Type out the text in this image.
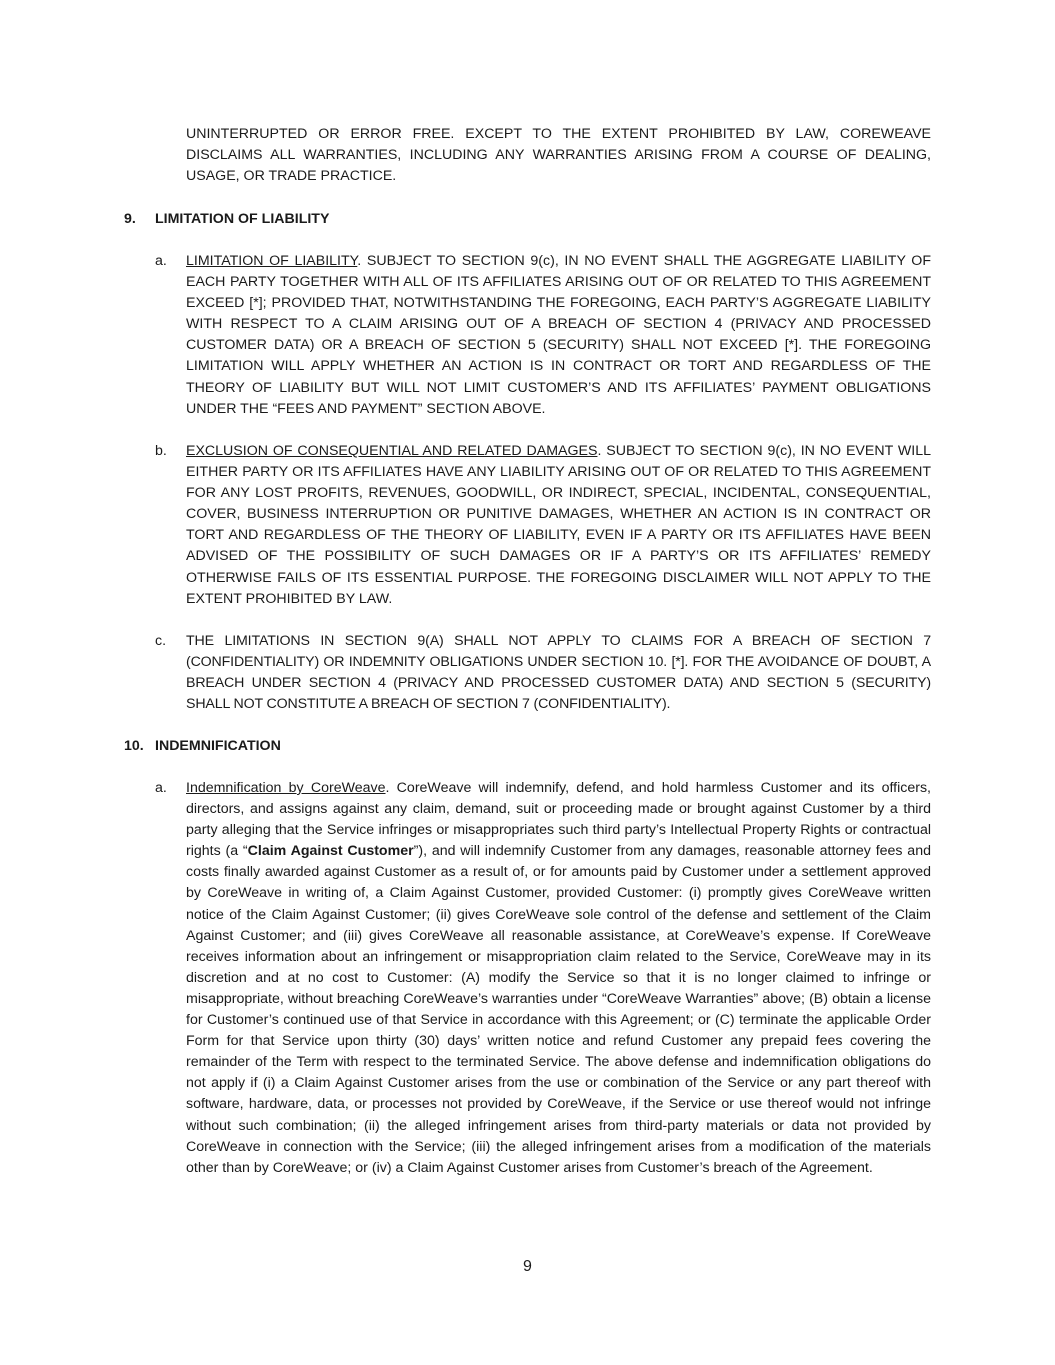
UNINTERRUPTED OR ERROR FREE. EXCEPT TO THE EXTENT PROHIBITED BY LAW, COREWEAVE DISCLAIMS ALL WARRANTIES, INCLUDING ANY WARRANTIES ARISING FROM A COURSE OF DEALING, USAGE, OR TRADE PRACTICE.

9. LIMITATION OF LIABILITY
a. LIMITATION OF LIABILITY. SUBJECT TO SECTION 9(c), IN NO EVENT SHALL THE AGGREGATE LIABILITY OF EACH PARTY TOGETHER WITH ALL OF ITS AFFILIATES ARISING OUT OF OR RELATED TO THIS AGREEMENT EXCEED [*]; PROVIDED THAT, NOTWITHSTANDING THE FOREGOING, EACH PARTY’S AGGREGATE LIABILITY WITH RESPECT TO A CLAIM ARISING OUT OF A BREACH OF SECTION 4 (PRIVACY AND PROCESSED CUSTOMER DATA) OR A BREACH OF SECTION 5 (SECURITY) SHALL NOT EXCEED [*]. THE FOREGOING LIMITATION WILL APPLY WHETHER AN ACTION IS IN CONTRACT OR TORT AND REGARDLESS OF THE THEORY OF LIABILITY BUT WILL NOT LIMIT CUSTOMER’S AND ITS AFFILIATES’ PAYMENT OBLIGATIONS UNDER THE “FEES AND PAYMENT” SECTION ABOVE.

b. EXCLUSION OF CONSEQUENTIAL AND RELATED DAMAGES. SUBJECT TO SECTION 9(c), IN NO EVENT WILL EITHER PARTY OR ITS AFFILIATES HAVE ANY LIABILITY ARISING OUT OF OR RELATED TO THIS AGREEMENT FOR ANY LOST PROFITS, REVENUES, GOODWILL, OR INDIRECT, SPECIAL, INCIDENTAL, CONSEQUENTIAL, COVER, BUSINESS INTERRUPTION OR PUNITIVE DAMAGES, WHETHER AN ACTION IS IN CONTRACT OR TORT AND REGARDLESS OF THE THEORY OF LIABILITY, EVEN IF A PARTY OR ITS AFFILIATES HAVE BEEN ADVISED OF THE POSSIBILITY OF SUCH DAMAGES OR IF A PARTY’S OR ITS AFFILIATES’ REMEDY OTHERWISE FAILS OF ITS ESSENTIAL PURPOSE. THE FOREGOING DISCLAIMER WILL NOT APPLY TO THE EXTENT PROHIBITED BY LAW.

c. THE LIMITATIONS IN SECTION 9(A) SHALL NOT APPLY TO CLAIMS FOR A BREACH OF SECTION 7 (CONFIDENTIALITY) OR INDEMNITY OBLIGATIONS UNDER SECTION 10. [*]. FOR THE AVOIDANCE OF DOUBT, A BREACH UNDER SECTION 4 (PRIVACY AND PROCESSED CUSTOMER DATA) AND SECTION 5 (SECURITY) SHALL NOT CONSTITUTE A BREACH OF SECTION 7 (CONFIDENTIALITY).

10. INDEMNIFICATION
a. Indemnification by CoreWeave. CoreWeave will indemnify, defend, and hold harmless Customer and its officers, directors, and assigns against any claim, demand, suit or proceeding made or brought against Customer by a third party alleging that the Service infringes or misappropriates such third party’s Intellectual Property Rights or contractual rights (a “Claim Against Customer”), and will indemnify Customer from any damages, reasonable attorney fees and costs finally awarded against Customer as a result of, or for amounts paid by Customer under a settlement approved by CoreWeave in writing of, a Claim Against Customer, provided Customer: (i) promptly gives CoreWeave written notice of the Claim Against Customer; (ii) gives CoreWeave sole control of the defense and settlement of the Claim Against Customer; and (iii) gives CoreWeave all reasonable assistance, at CoreWeave’s expense. If CoreWeave receives information about an infringement or misappropriation claim related to the Service, CoreWeave may in its discretion and at no cost to Customer: (A) modify the Service so that it is no longer claimed to infringe or misappropriate, without breaching CoreWeave’s warranties under “CoreWeave Warranties” above; (B) obtain a license for Customer’s continued use of that Service in accordance with this Agreement; or (C) terminate the applicable Order Form for that Service upon thirty (30) days’ written notice and refund Customer any prepaid fees covering the remainder of the Term with respect to the terminated Service. The above defense and indemnification obligations do not apply if (i) a Claim Against Customer arises from the use or combination of the Service or any part thereof with software, hardware, data, or processes not provided by CoreWeave, if the Service or use thereof would not infringe without such combination; (ii) the alleged infringement arises from third-party materials or data not provided by CoreWeave in connection with the Service; (iii) the alleged infringement arises from a modification of the materials other than by CoreWeave; or (iv) a Claim Against Customer arises from Customer’s breach of the Agreement.

9
